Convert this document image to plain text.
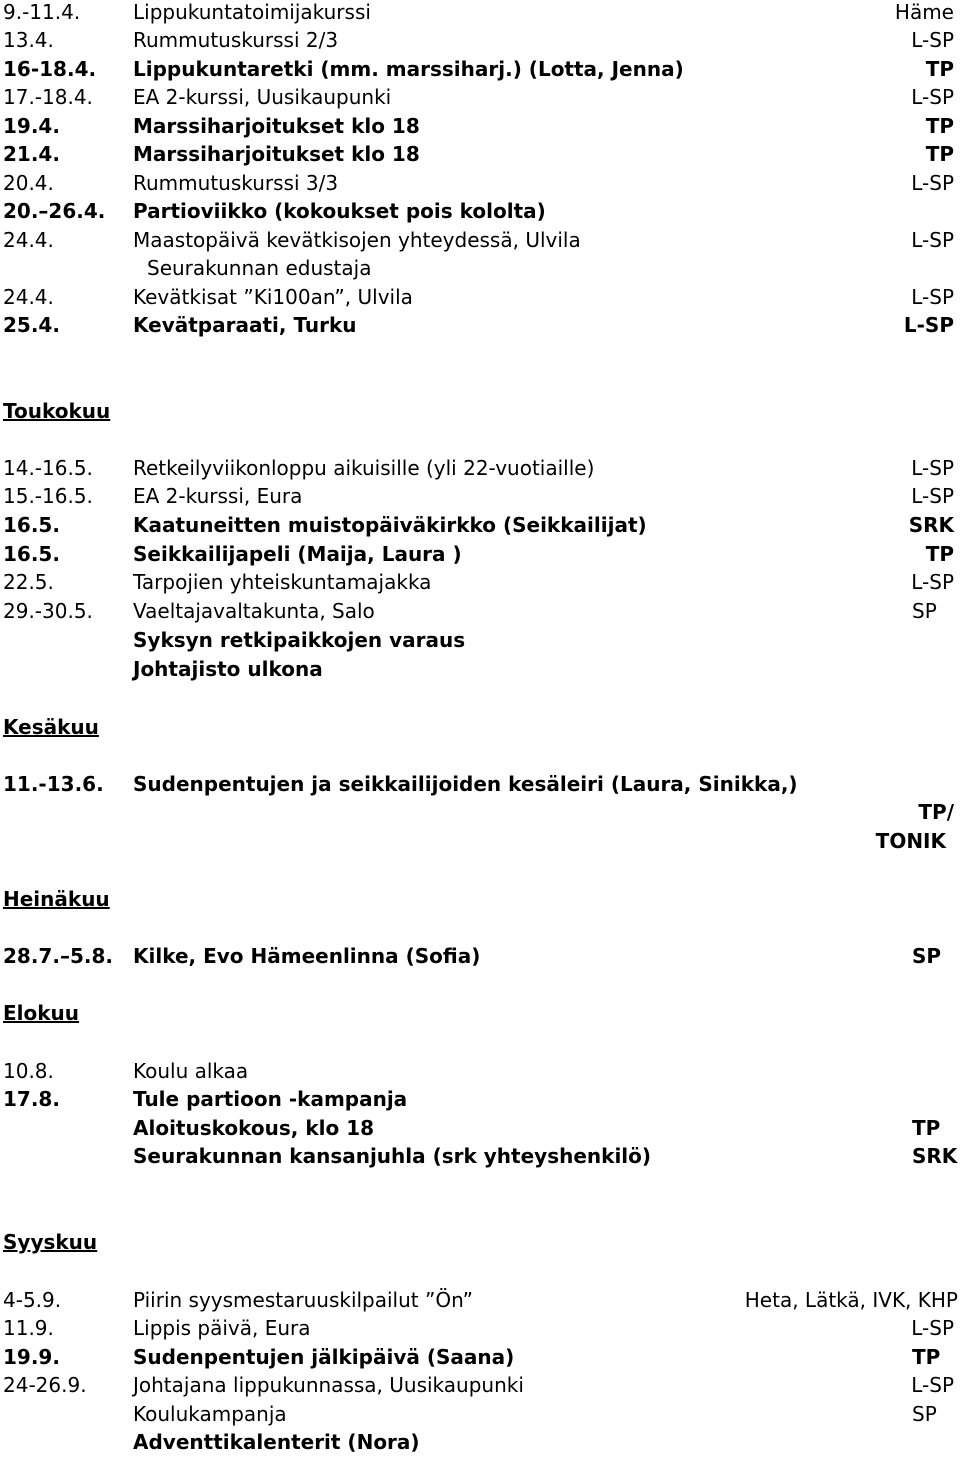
9.-11.4.	Lippukuntatoimijakurssi	Häme
13.4.	Rummutuskurssi 2/3	L-SP
16-18.4. Lippukuntaretki (mm. marssiharj.) (Lotta, Jenna)	TP
17.-18.4. EA 2-kurssi, Uusikaupunki	L-SP
19.4.	Marssiharjoitukset klo 18	TP
21.4.	Marssiharjoitukset klo 18	TP
20.4.	Rummutuskurssi 3/3	L-SP
20.–26.4. Partioviikko (kokoukset pois kololta)
24.4.	Maastopäivä kevätkisojen yhteydessä, Ulvila	L-SP
Seurakunnan edustaja
24.4.	Kevätkisat ”Ki100an”, Ulvila	L-SP
25.4.	Kevätparaati, Turku	L-SP
Toukokuu
14.-16.5. Retkeilyviikonloppu aikuisille (yli 22-vuotiaille)	L-SP
15.-16.5. EA 2-kurssi, Eura	L-SP
16.5.	Kaatuneitten muistopäiväkirkko (Seikkailijat)	SRK
16.5.	Seikkailijapeli (Maija, Laura )	TP
22.5.	Tarpojien yhteiskuntamajakka	L-SP
29.-30.5. Vaeltajavaltakunta, Salo	SP
Syksyn retkipaikkojen varaus
Johtajisto ulkona
Kesäkuu
11.-13.6. Sudenpentujen ja seikkailijoiden kesäleiri (Laura, Sinikka,)
TP/
TONIK
Heinäkuu
28.7.–5.8. Kilke, Evo Hämeenlinna (Sofia)	SP
Elokuu
10.8.	Koulu alkaa
17.8.	Tule partioon -kampanja
Aloituskokous, klo 18	TP
Seurakunnan kansanjuhla (srk yhteyshenkilö)	SRK
Syyskuu
4-5.9.	Piirin syysmestaruuskilpailut ”Ön”	Heta, Lätkä, IVK, KHP
11.9.	Lippis päivä, Eura	L-SP
19.9.	Sudenpentujen jälkipäivä (Saana)	TP
24-26.9. Johtajana lippukunnassa, Uusikaupunki	L-SP
Koulukampanja	SP
Adventtikalenterit (Nora)
